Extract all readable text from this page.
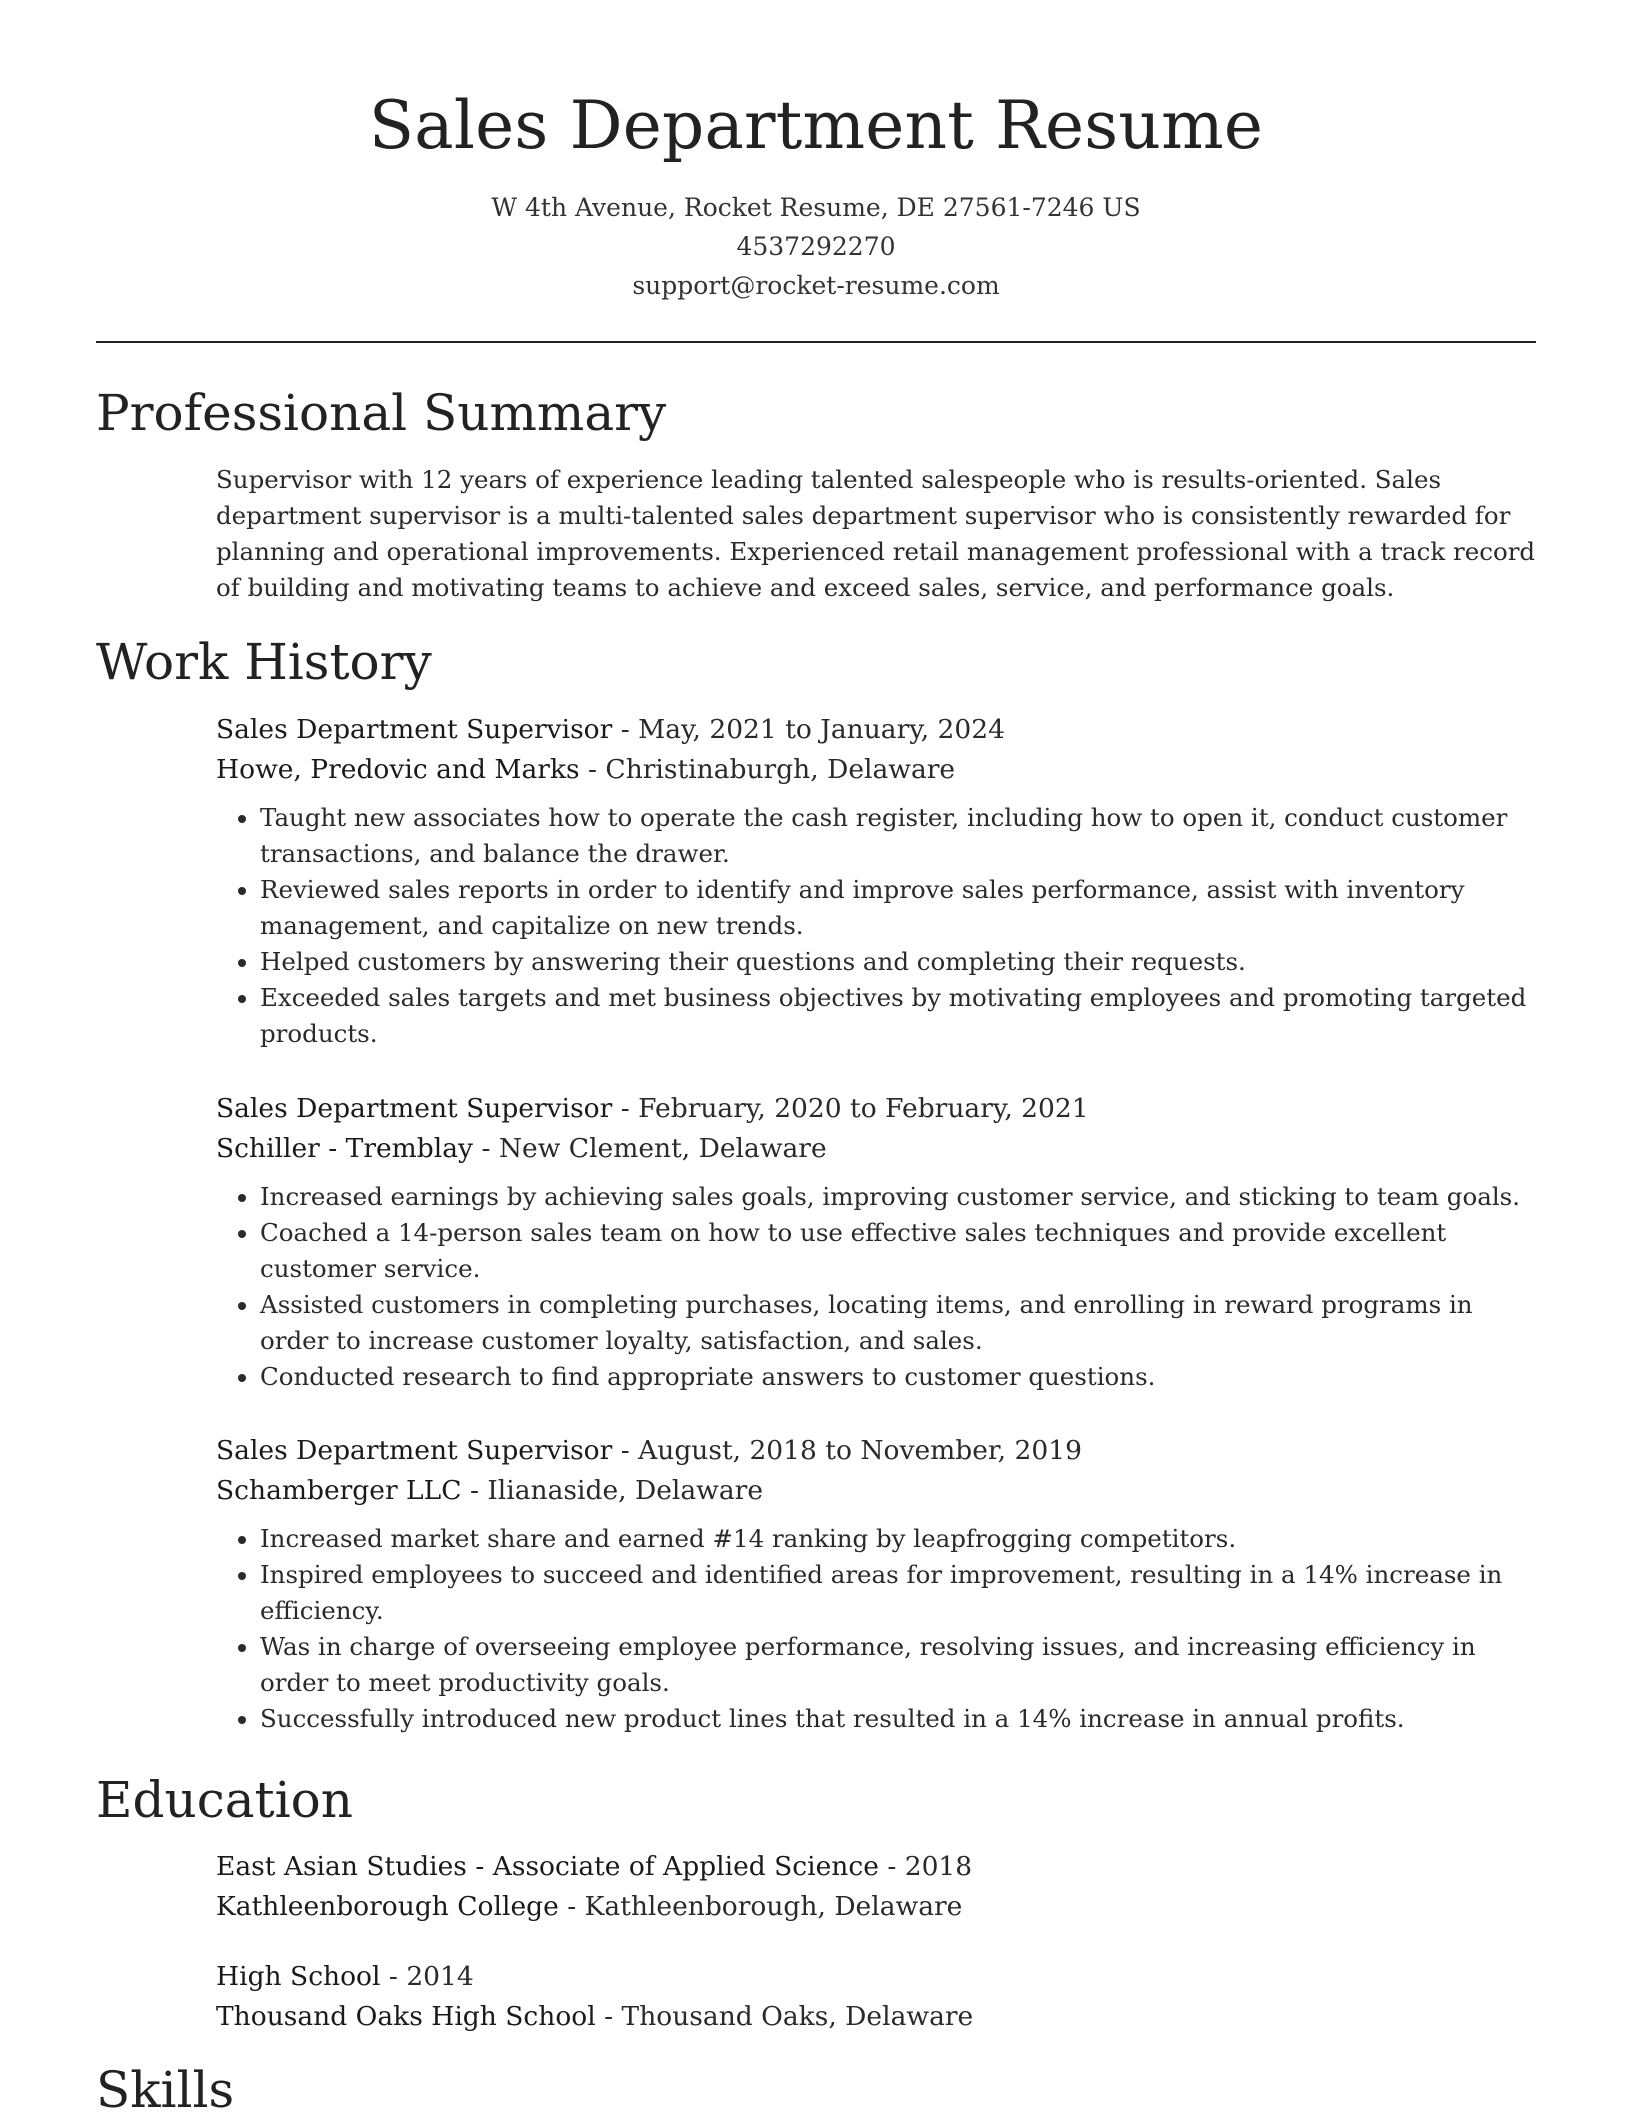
Sales Department Resume
W 4th Avenue, Rocket Resume, DE 27561-7246 US
4537292270
support@rocket-resume.com
Professional Summary

Supervisor with 12 years of experience leading talented salespeople who is results-oriented. Sales department supervisor is a multi-talented sales department supervisor who is consistently rewarded for planning and operational improvements. Experienced retail management professional with a track record of building and motivating teams to achieve and exceed sales, service, and performance goals.

Work History
Sales Department Supervisor - May, 2021 to January, 2024
Howe, Predovic and Marks - Christinaburgh, Delaware
• Taught new associates how to operate the cash register, including how to open it, conduct customer transactions, and balance the drawer.
• Reviewed sales reports in order to identify and improve sales performance, assist with inventory management, and capitalize on new trends.
• Helped customers by answering their questions and completing their requests.
• Exceeded sales targets and met business objectives by motivating employees and promoting targeted products.
Sales Department Supervisor - February, 2020 to February, 2021
Schiller - Tremblay - New Clement, Delaware
• Increased earnings by achieving sales goals, improving customer service, and sticking to team goals.
• Coached a 14-person sales team on how to use effective sales techniques and provide excellent customer service.
• Assisted customers in completing purchases, locating items, and enrolling in reward programs in order to increase customer loyalty, satisfaction, and sales.
• Conducted research to find appropriate answers to customer questions.
Sales Department Supervisor - August, 2018 to November, 2019
Schamberger LLC - Ilianaside, Delaware
• Increased market share and earned #14 ranking by leapfrogging competitors.
• Inspired employees to succeed and identified areas for improvement, resulting in a 14% increase in efficiency.
• Was in charge of overseeing employee performance, resolving issues, and increasing efficiency in order to meet productivity goals.
• Successfully introduced new product lines that resulted in a 14% increase in annual profits.
Education
East Asian Studies - Associate of Applied Science - 2018
Kathleenborough College - Kathleenborough, Delaware
High School - 2014
Thousand Oaks High School - Thousand Oaks, Delaware
Skills
